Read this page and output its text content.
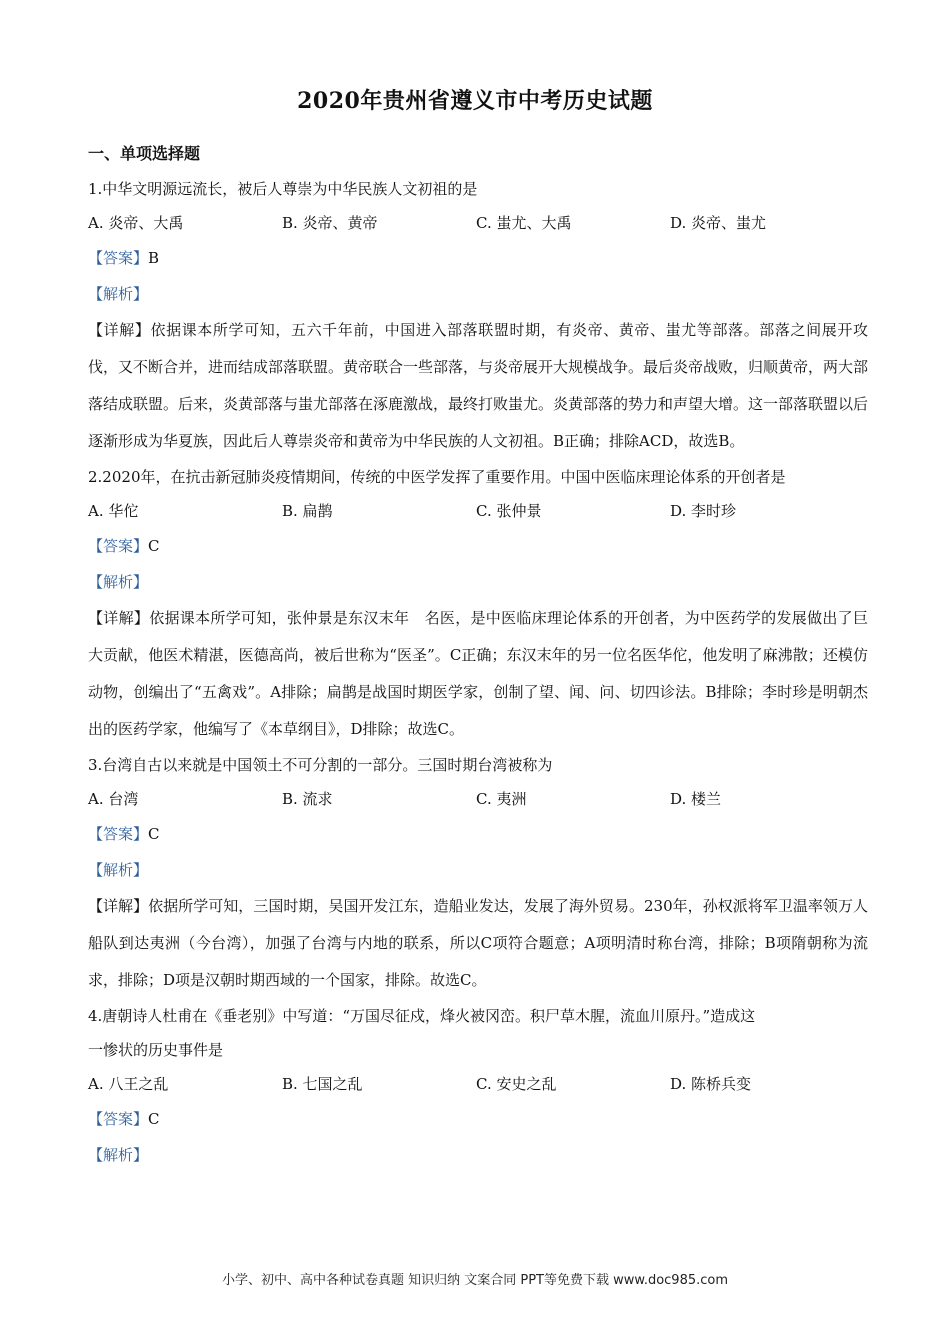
2020年贵州省遵义市中考历史试题
一、单项选择题
1.中华文明源远流长，被后人尊崇为中华民族人文初祖的是
A. 炎帝、大禹	B. 炎帝、黄帝	C. 蚩尤、大禹	D. 炎帝、蚩尤
【答案】B
【解析】

【详解】依据课本所学可知，五六千年前，中国进入部落联盟时期，有炎帝、黄帝、蚩尤等部落。部落之间展开攻伐，又不断合并，进而结成部落联盟。黄帝联合一些部落，与炎帝展开大规模战争。最后炎帝战败，归顺黄帝，两大部落结成联盟。后来，炎黄部落与蚩尤部落在涿鹿激战，最终打败蚩尤。炎黄部落的势力和声望大增。这一部落联盟以后逐渐形成为华夏族，因此后人尊崇炎帝和黄帝为中华民族的人文初祖。B正确；排除ACD，故选B。

2.2020年，在抗击新冠肺炎疫情期间，传统的中医学发挥了重要作用。中国中医临床理论体系的开创者是
A. 华佗	B. 扁鹊	C. 张仲景	D. 李时珍
【答案】C
【解析】

【详解】依据课本所学可知，张仲景是东汉末年　名医，是中医临床理论体系的开创者，为中医药学的发展做出了巨大贡献，他医术精湛，医德高尚，被后世称为“医圣”。C正确；东汉末年的另一位名医华佗，他发明了麻沸散；还模仿动物，创编出了“五禽戏”。A排除；扁鹊是战国时期医学家，创制了望、闻、问、切四诊法。B排除；李时珍是明朝杰出的医药学家，他编写了《本草纲目》，D排除；故选C。

3.台湾自古以来就是中国领土不可分割的一部分。三国时期台湾被称为
A. 台湾	B. 流求	C. 夷洲	D. 楼兰
【答案】C
【解析】

【详解】依据所学可知，三国时期，吴国开发江东，造船业发达，发展了海外贸易。230年，孙权派将军卫温率领万人船队到达夷洲（今台湾），加强了台湾与内地的联系，所以C项符合题意；A项明清时称台湾，排除；B项隋朝称为流求，排除；D项是汉朝时期西域的一个国家，排除。故选C。

4.唐朝诗人杜甫在《垂老别》中写道：“万国尽征戍，烽火被冈峦。积尸草木腥，流血川原丹。”造成这
一惨状的历史事件是
A. 八王之乱	B. 七国之乱	C. 安史之乱	D. 陈桥兵变
【答案】C
【解析】
小学、初中、高中各种试卷真题 知识归纳 文案合同 PPT等免费下载 www.doc985.com
